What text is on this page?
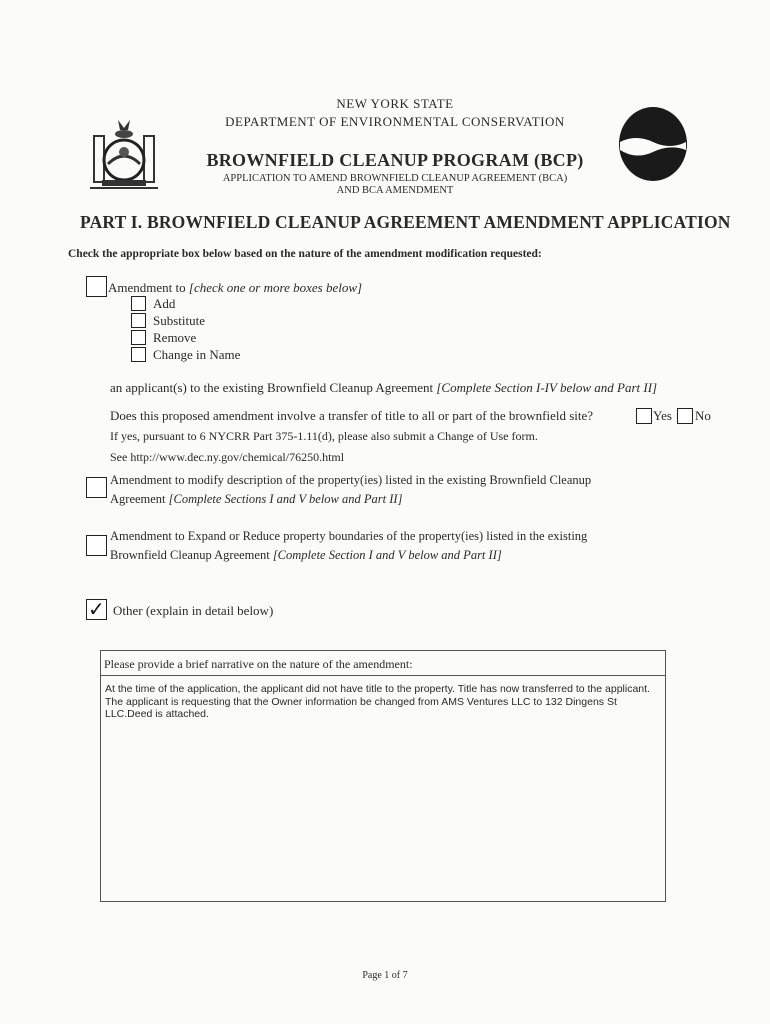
NEW YORK STATE
DEPARTMENT OF ENVIRONMENTAL CONSERVATION
BROWNFIELD CLEANUP PROGRAM (BCP)
APPLICATION TO AMEND BROWNFIELD CLEANUP AGREEMENT (BCA)
AND BCA AMENDMENT
PART I. BROWNFIELD CLEANUP AGREEMENT AMENDMENT APPLICATION
Check the appropriate box below based on the nature of the amendment modification requested:
Amendment to [check one or more boxes below]
Add
Substitute
Remove
Change in Name
an applicant(s) to the existing Brownfield Cleanup Agreement [Complete Section I-IV below and Part II]
Does this proposed amendment involve a transfer of title to all or part of the brownfield site?	Yes No
If yes, pursuant to 6 NYCRR Part 375-1.11(d), please also submit a Change of Use form.
See http://www.dec.ny.gov/chemical/76250.html
Amendment to modify description of the property(ies) listed in the existing Brownfield Cleanup
Agreement [Complete Sections I and V below and Part II]
Amendment to Expand or Reduce property boundaries of the property(ies) listed in the existing
Brownfield Cleanup Agreement [Complete Section I and V below and Part II]
✓ Other (explain in detail below)
Please provide a brief narrative on the nature of the amendment:
At the time of the application, the applicant did not have title to the property. Title has now transferred to the applicant. The applicant is requesting that the Owner information be changed from AMS Ventures LLC to 132 Dingens St LLC.Deed is attached.
Page 1 of 7
